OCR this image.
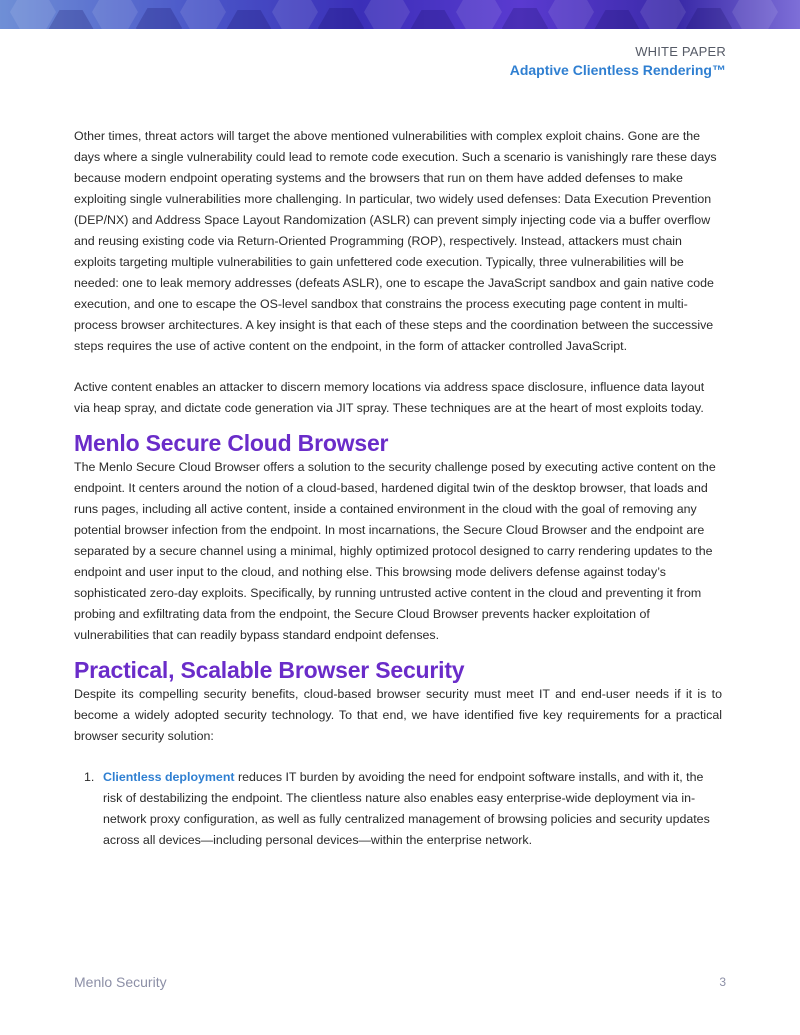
WHITE PAPER
Adaptive Clientless Rendering™

Other times, threat actors will target the above mentioned vulnerabilities with complex exploit chains. Gone are the days where a single vulnerability could lead to remote code execution. Such a scenario is vanishingly rare these days because modern endpoint operating systems and the browsers that run on them have added defenses to make exploiting single vulnerabilities more challenging. In particular, two widely used defenses: Data Execution Prevention (DEP/NX) and Address Space Layout Randomization (ASLR) can prevent simply injecting code via a buffer overflow and reusing existing code via Return-Oriented Programming (ROP), respectively. Instead, attackers must chain exploits targeting multiple vulnerabilities to gain unfettered code execution. Typically, three vulnerabilities will be needed: one to leak memory addresses (defeats ASLR), one to escape the JavaScript sandbox and gain native code execution, and one to escape the OS-level sandbox that constrains the process executing page content in multi-process browser architectures. A key insight is that each of these steps and the coordination between the successive steps requires the use of active content on the endpoint, in the form of attacker controlled JavaScript.

Active content enables an attacker to discern memory locations via address space disclosure, influence data layout via heap spray, and dictate code generation via JIT spray. These techniques are at the heart of most exploits today.

Menlo Secure Cloud Browser

The Menlo Secure Cloud Browser offers a solution to the security challenge posed by executing active content on the endpoint. It centers around the notion of a cloud-based, hardened digital twin of the desktop browser, that loads and runs pages, including all active content, inside a contained environment in the cloud with the goal of removing any potential browser infection from the endpoint. In most incarnations, the Secure Cloud Browser and the endpoint are separated by a secure channel using a minimal, highly optimized protocol designed to carry rendering updates to the endpoint and user input to the cloud, and nothing else. This browsing mode delivers defense against today’s sophisticated zero-day exploits. Specifically, by running untrusted active content in the cloud and preventing it from probing and exfiltrating data from the endpoint, the Secure Cloud Browser prevents hacker exploitation of vulnerabilities that can readily bypass standard endpoint defenses.

Practical, Scalable Browser Security

Despite its compelling security benefits, cloud-based browser security must meet IT and end-user needs if it is to become a widely adopted security technology. To that end, we have identified five key requirements for a practical browser security solution:

1. Clientless deployment reduces IT burden by avoiding the need for endpoint software installs, and with it, the risk of destabilizing the endpoint. The clientless nature also enables easy enterprise-wide deployment via in-network proxy configuration, as well as fully centralized management of browsing policies and security updates across all devices—including personal devices—within the enterprise network.
Menlo Security	3
